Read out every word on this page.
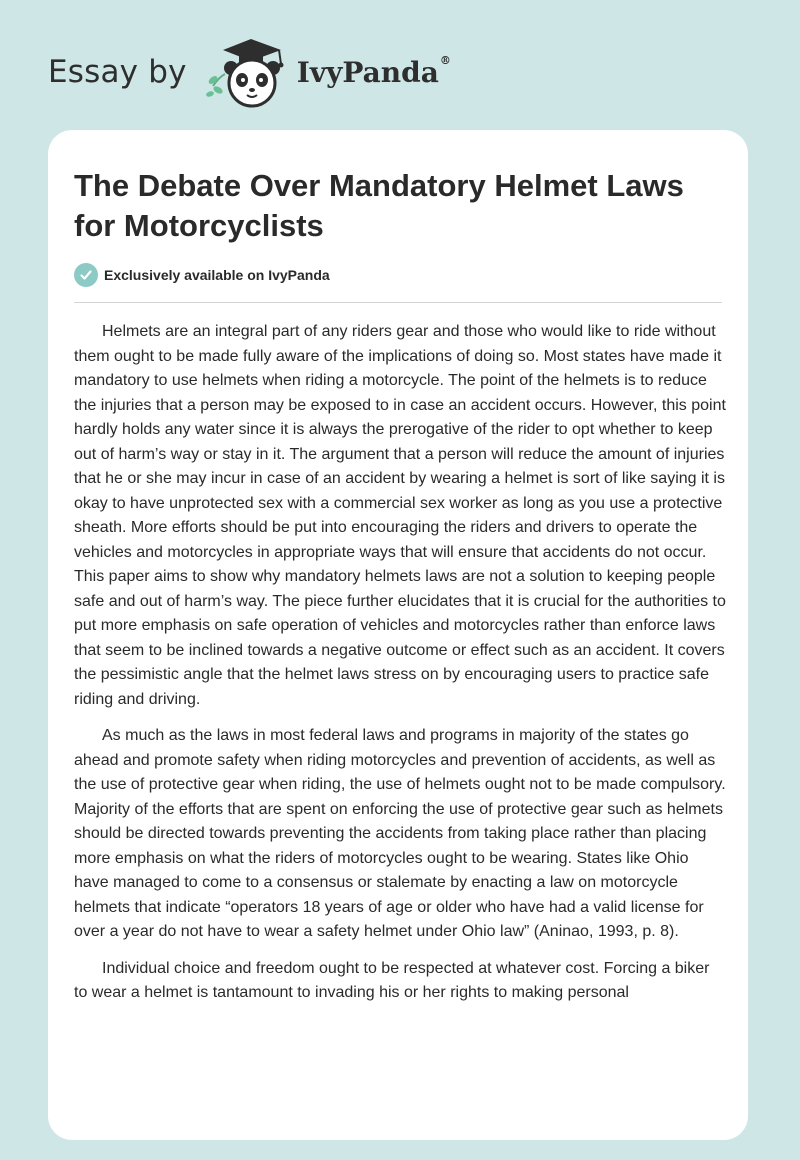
Essay by	IvyPanda®
The Debate Over Mandatory Helmet Laws for Motorcyclists
Exclusively available on IvyPanda

Helmets are an integral part of any riders gear and those who would like to ride without them ought to be made fully aware of the implications of doing so. Most states have made it mandatory to use helmets when riding a motorcycle. The point of the helmets is to reduce the injuries that a person may be exposed to in case an accident occurs. However, this point hardly holds any water since it is always the prerogative of the rider to opt whether to keep out of harm’s way or stay in it. The argument that a person will reduce the amount of injuries that he or she may incur in case of an accident by wearing a helmet is sort of like saying it is okay to have unprotected sex with a commercial sex worker as long as you use a protective sheath. More efforts should be put into encouraging the riders and drivers to operate the vehicles and motorcycles in appropriate ways that will ensure that accidents do not occur. This paper aims to show why mandatory helmets laws are not a solution to keeping people safe and out of harm’s way. The piece further elucidates that it is crucial for the authorities to put more emphasis on safe operation of vehicles and motorcycles rather than enforce laws that seem to be inclined towards a negative outcome or effect such as an accident. It covers the pessimistic angle that the helmet laws stress on by encouraging users to practice safe riding and driving.

As much as the laws in most federal laws and programs in majority of the states go ahead and promote safety when riding motorcycles and prevention of accidents, as well as the use of protective gear when riding, the use of helmets ought not to be made compulsory. Majority of the efforts that are spent on enforcing the use of protective gear such as helmets should be directed towards preventing the accidents from taking place rather than placing more emphasis on what the riders of motorcycles ought to be wearing. States like Ohio have managed to come to a consensus or stalemate by enacting a law on motorcycle helmets that indicate “operators 18 years of age or older who have had a valid license for over a year do not have to wear a safety helmet under Ohio law” (Aninao, 1993, p. 8).

Individual choice and freedom ought to be respected at whatever cost. Forcing a biker to wear a helmet is tantamount to invading his or her rights to making personal
